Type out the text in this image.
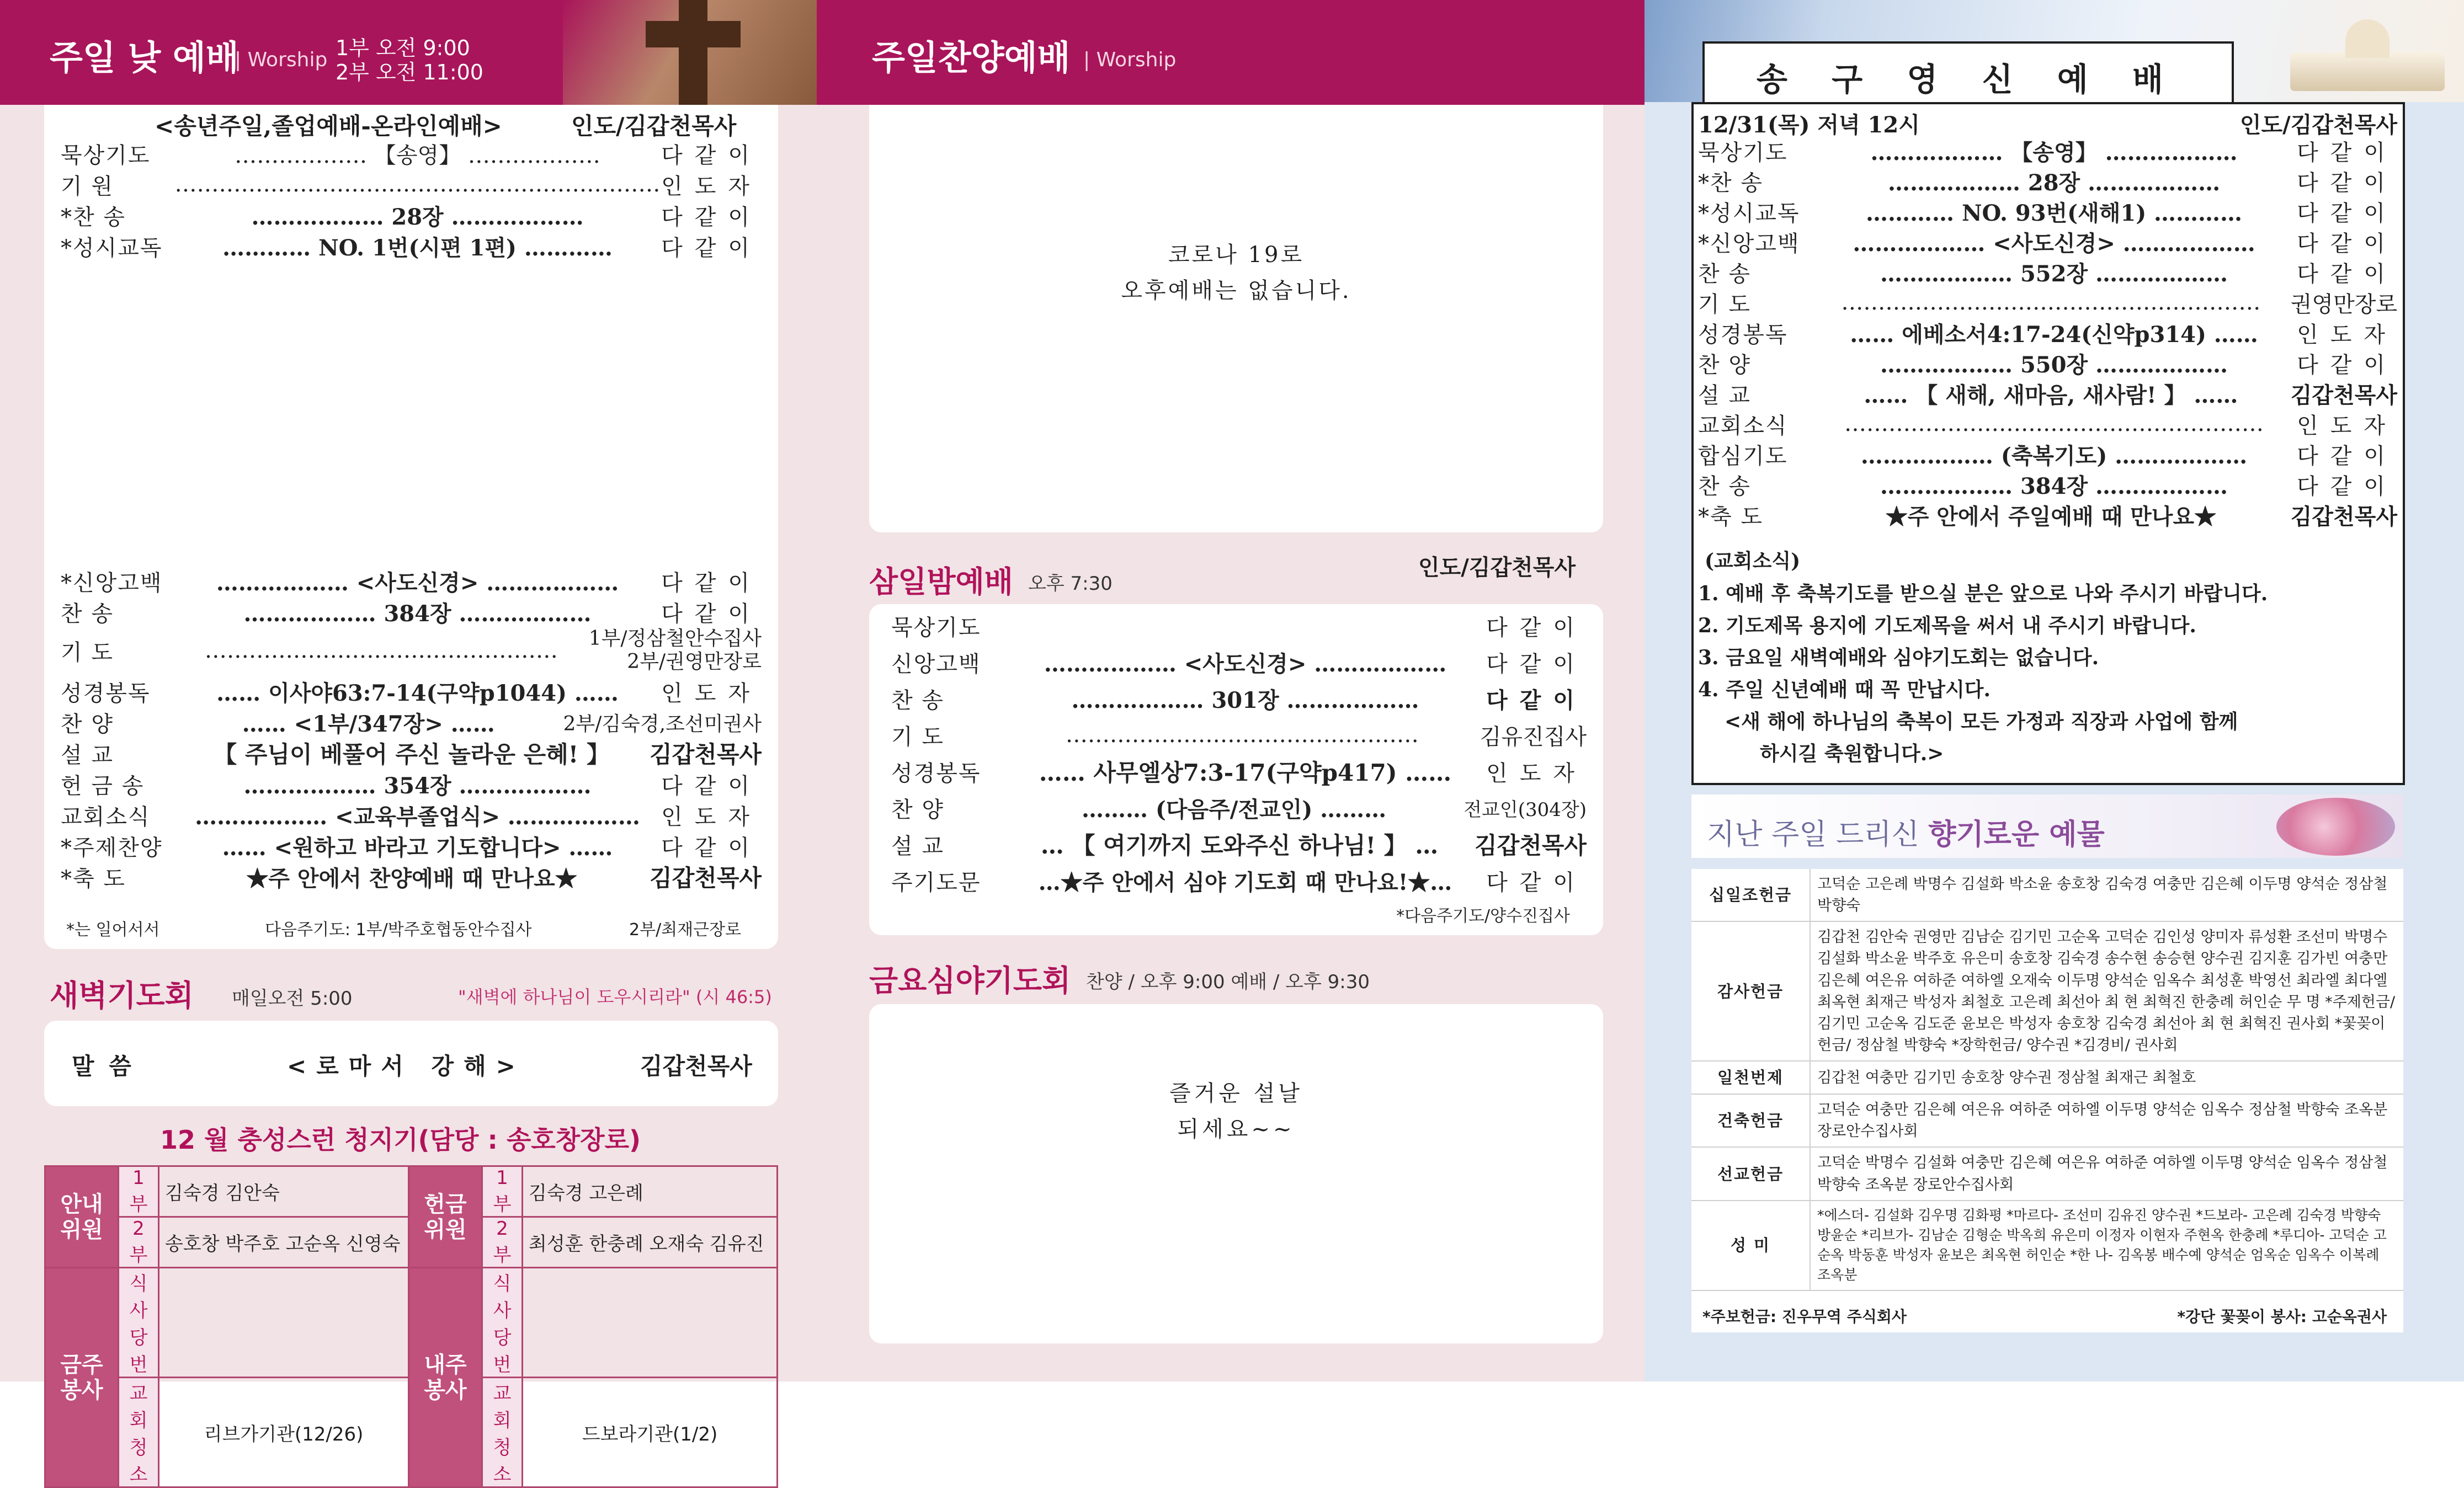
주일 낮 예배
| Worship 1부 오전 9:00
2부 오전 11:00
<송년주일,졸업예배-온라인예배>	인도/김갑천목사
묵상기도	……………… 【송영】 ………………	다같이
기 원	………………………………………………………… 인도자
*찬 송	……………… 28장 ………………	다같이
*성시교독	………… NO. 1번(시편 1편) …………	다같이
*신앙고백	……………… <사도신경> ………………	다같이
찬 송	……………… 384장 ………………	다같이
기 도	…………………………………………	1부/정삼철안수집사
2부/권영만장로
성경봉독	…… 이사야63:7-14(구약p1044) ……	인도자
찬 양	…… <1부/347장> ……	2부/김숙경,조선미권사
설 교	【 주님이 베풀어 주신 놀라운 은혜! 】	김갑천목사
헌 금 송	……………… 354장 ………………	다같이
교회소식	……………… <교육부졸업식> ……………… 인도자
*주제찬양	…… <원하고 바라고 기도합니다> ……	다같이
*축 도	★주 안에서 찬양예배 때 만나요★	김갑천목사
*는 일어서서	다음주기도: 1부/박주호협동안수집사	2부/최재근장로
새벽기도회 매일오전 5:00	"새벽에 하나님이 도우시리라" (시 46:5)
말 씀	<로마서 강해>	김갑천목사
12 월 충성스런 청지기(담당 : 송호창장로)
안내 위원	1부	김숙경 김안숙	헌금 위원	1부	김숙경 고은례
	2부	송호창 박주호 고순옥 신영숙		2부	최성훈 한충례 오재숙 김유진
금주 봉사	식사당번		내주 봉사	식사당번	
	교회청소	리브가기관(12/26)		교회청소	드보라기관(1/2)
주일찬양예배 | Worship
코로나 19로
오후예배는 없습니다.
삼일밤예배 오후 7:30
인도/김갑천목사
묵상기도	다같이
신앙고백	……………… <사도신경> ………………	다같이
찬 송	……………… 301장 ………………	다같이
기 도	…………………………………………	김유진집사
성경봉독	…… 사무엘상7:3-17(구약p417) ……	인도자
찬 양	……… (다음주/전교인) ………	전교인(304장)
설 교	… 【 여기까지 도와주신 하나님! 】 …	김갑천목사
주기도문	…★주 안에서 심야 기도회 때 만나요!★…	다같이
*다음주기도/양수진집사
금요심야기도회 찬양 / 오후 9:00 예배 / 오후 9:30
즐거운 설날
되세요~~
송 구 영 신 예 배
12/31(목) 저녁 12시	인도/김갑천목사
묵상기도	……………… 【송영】 ………………	다같이
*찬 송	……………… 28장 ………………	다같이
*성시교독	………… NO. 93번(새해1) …………	다같이
*신앙고백	……………… <사도신경> ………………	다같이
찬 송	……………… 552장 ………………	다같이
기 도	…………………………………………………	권영만장로
성경봉독	…… 에베소서4:17-24(신약p314) ……	인도자
찬 양	……………… 550장 ………………	다같이
설 교	…… 【 새해, 새마음, 새사람! 】 ……	김갑천목사
교회소식	…………………………………………………	인도자
합심기도	……………… (축복기도) ………………	다같이
찬 송	……………… 384장 ………………	다같이
*축 도	★주 안에서 주일예배 때 만나요★	김갑천목사
(교회소식)
1. 예배 후 축복기도를 받으실 분은 앞으로 나와 주시기 바랍니다.
2. 기도제목 용지에 기도제목을 써서 내 주시기 바랍니다.
3. 금요일 새벽예배와 심야기도회는 없습니다.
4. 주일 신년예배 때 꼭 만납시다.
<새 해에 하나님의 축복이 모든 가정과 직장과 사업에 함께
하시길 축원합니다.>
지난 주일 드리신 향기로운 예물
십일조헌금	고덕순 고은례 박명수 김설화 박소윤 송호창 김숙경 여충만 김은혜 이두명 양석순 정삼철 박향숙
감사헌금	김갑천 김안숙 권영만 김남순 김기민 고순옥 고덕순 김인성 양미자 류성환 조선미 박명수 김설화 박소윤 박주호 유은미 송호창 김숙경 송수현 송승현 양수권 김지훈 김가빈 여충만 김은혜 여은유 여하준 여하엘 오재숙 이두명 양석순 임옥수 최성훈 박영선 최라엘 최다엘 최옥현 최재근 박성자 최철호 고은례 최선아 최 현 최혁진 한충례 허인순 무 명 *주제헌금/ 김기민 고순옥 김도준 윤보은 박성자 송호창 김숙경 최선아 최 현 최혁진 권사회 *꽃꽂이헌금/ 정삼철 박향숙 *장학헌금/ 양수권 *김경비/ 권사회
일천번제	김갑천 여충만 김기민 송호창 양수권 정삼철 최재근 최철호
건축헌금	고덕순 여충만 김은혜 여은유 여하준 여하엘 이두명 양석순 임옥수 정삼철 박향숙 조옥분 장로안수집사회
선교헌금	고덕순 박명수 김설화 여충만 김은혜 여은유 여하준 여하엘 이두명 양석순 임옥수 정삼철 박향숙 조옥분 장로안수집사회
성 미	*에스더- 김설화 김우명 김화평 *마르다- 조선미 김유진 양수권 *드보라- 고은례 김숙경 박향숙 방윤순 *리브가- 김남순 김형순 박옥희 유은미 이정자 이현자 주현옥 한충례 *루디아- 고덕순 고순옥 박동훈 박성자 윤보은 최옥현 허인순 *한 나- 김옥봉 배수예 양석순 엄옥순 임옥수 이복례 조옥분
*주보헌금: 진우무역 주식회사	*강단 꽃꽂이 봉사: 고순옥권사
